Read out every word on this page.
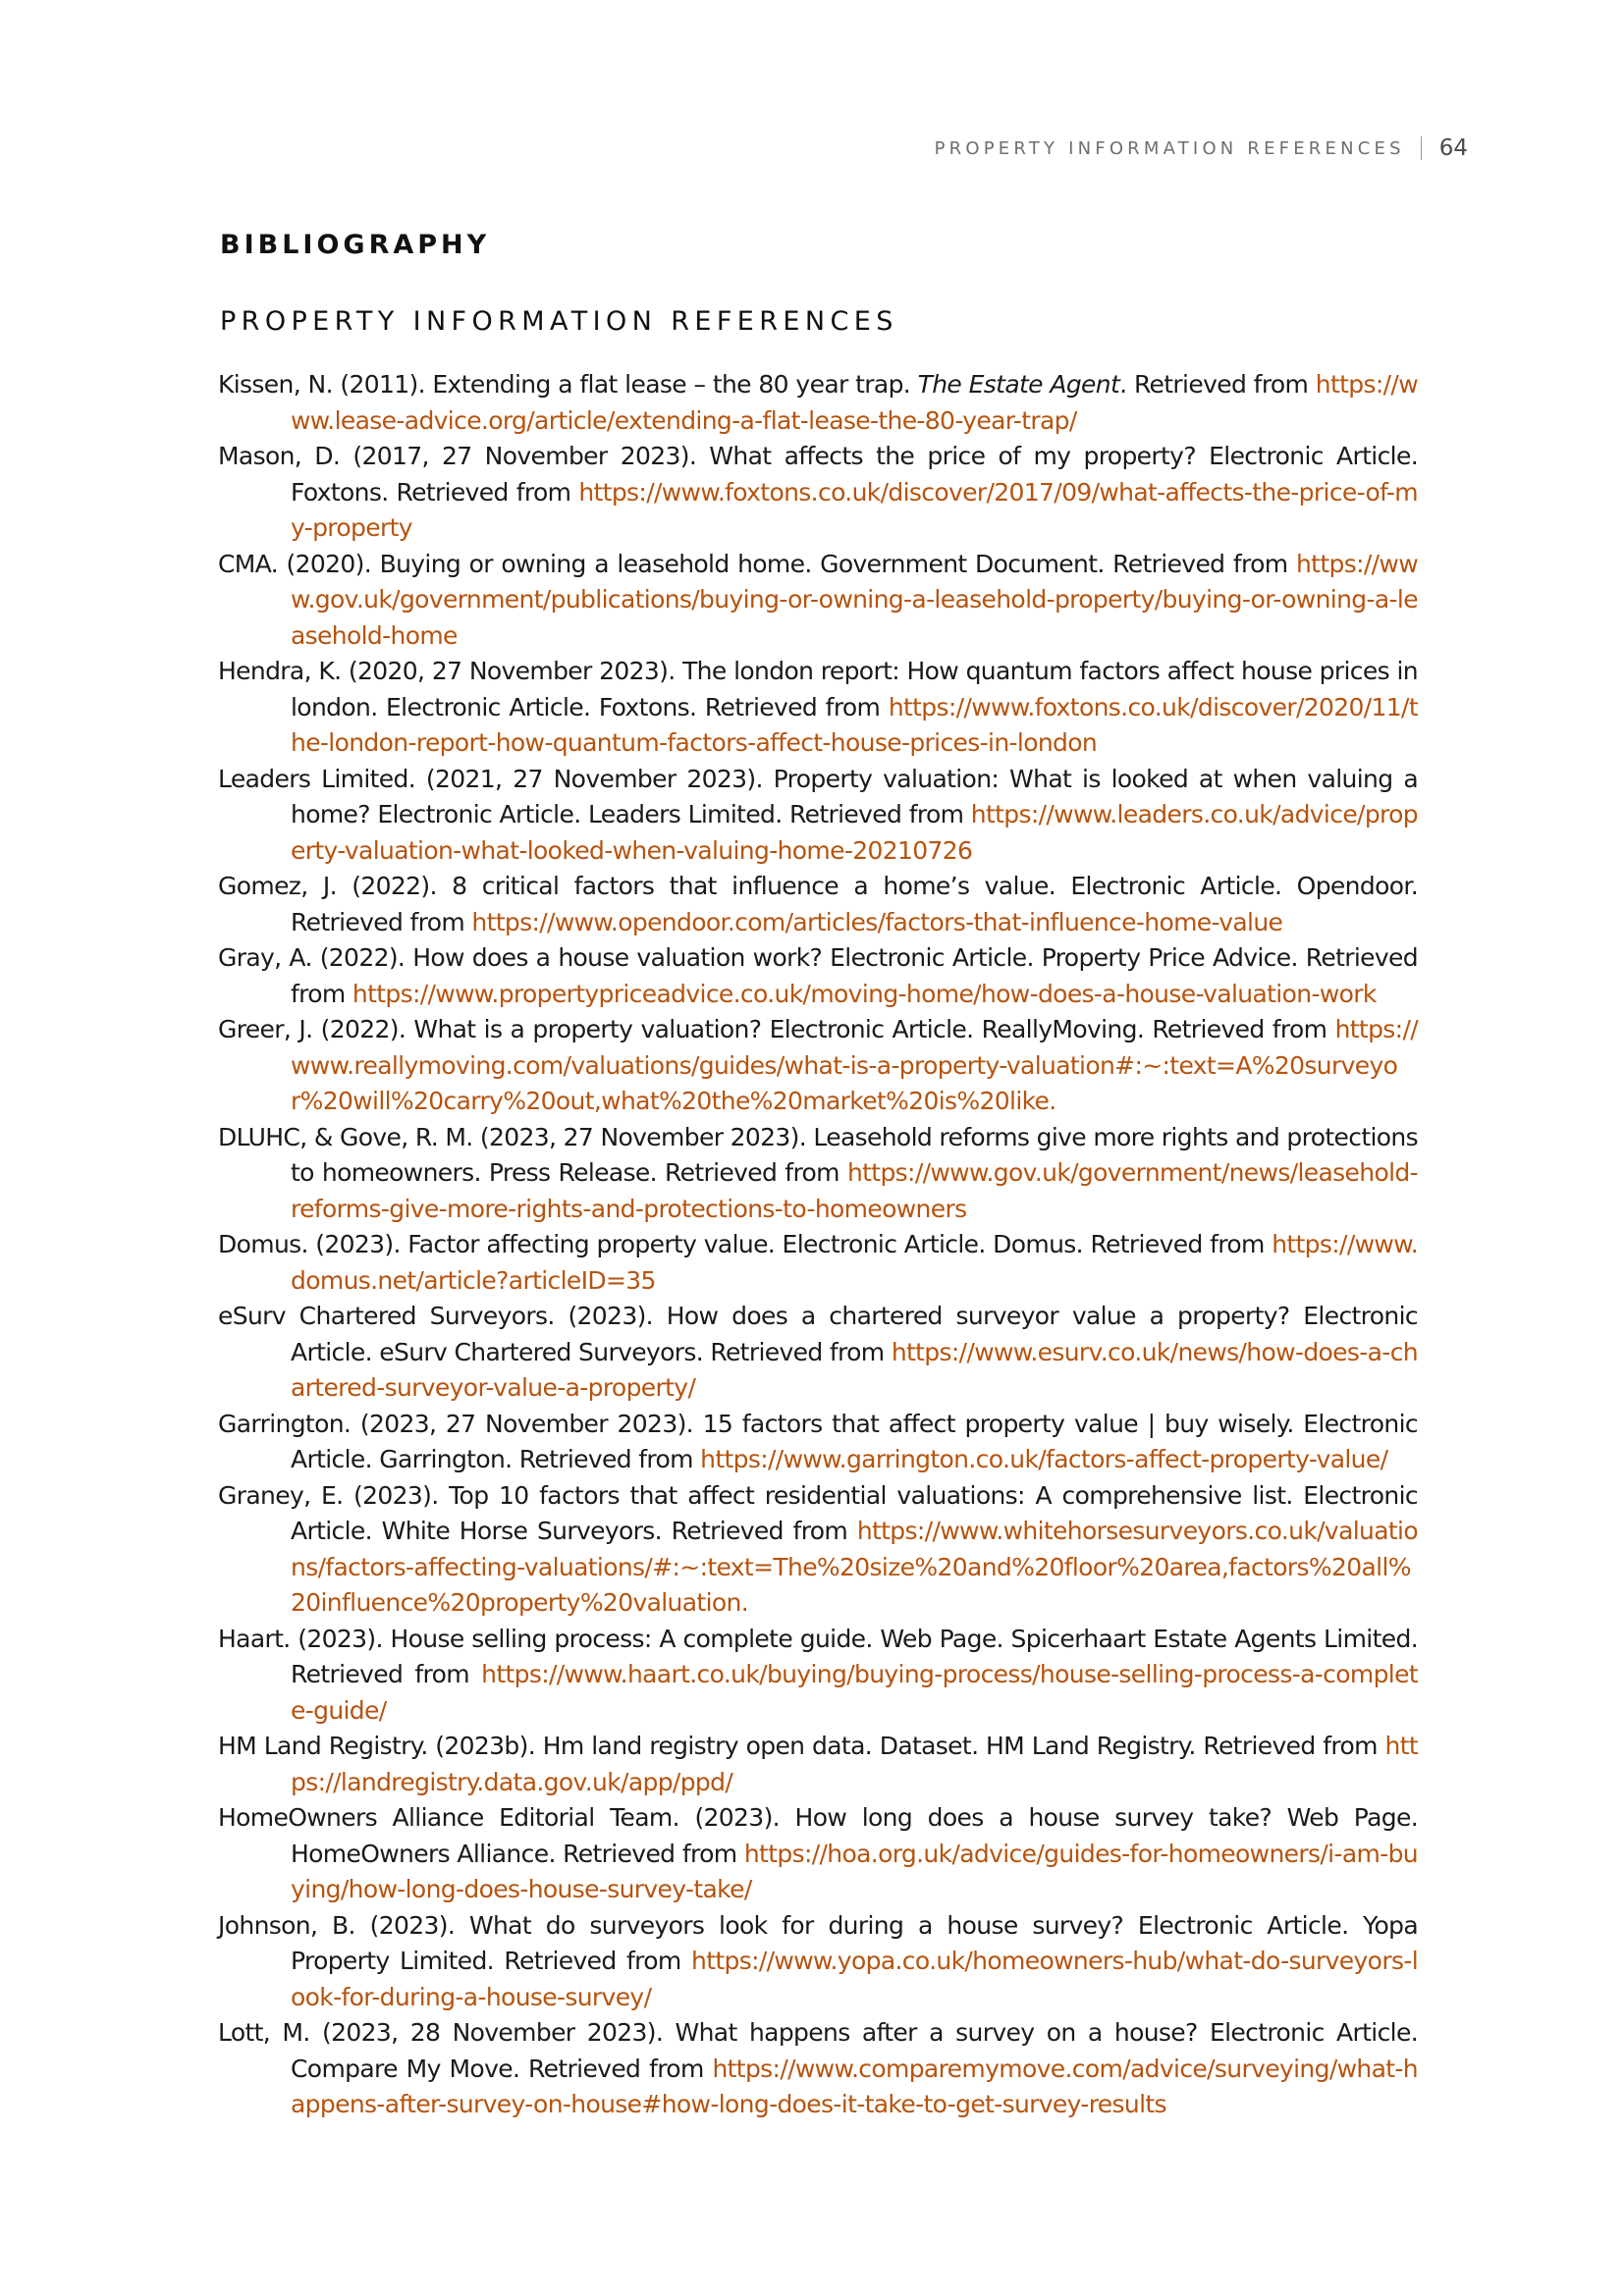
PROPERTY INFORMATION REFERENCES 64
BIBLIOGRAPHY
PROPERTY INFORMATION REFERENCES
Kissen, N. (2011). Extending a flat lease – the 80 year trap. The Estate Agent. Retrieved from https://www.lease-advice.org/article/extending-a-flat-lease-the-80-year-trap/
Mason, D. (2017, 27 November 2023). What affects the price of my property? Electronic Article. Foxtons. Retrieved from https://www.foxtons.co.uk/discover/2017/09/what-affects-the-price-of-my-property
CMA. (2020). Buying or owning a leasehold home. Government Document. Retrieved from https://www.gov.uk/government/publications/buying-or-owning-a-leasehold-property/buying-or-owning-a-leasehold-home
Hendra, K. (2020, 27 November 2023). The london report: How quantum factors affect house prices in london. Electronic Article. Foxtons. Retrieved from https://www.foxtons.co.uk/discover/2020/11/the-london-report-how-quantum-factors-affect-house-prices-in-london
Leaders Limited. (2021, 27 November 2023). Property valuation: What is looked at when valuing a home? Electronic Article. Leaders Limited. Retrieved from https://www.leaders.co.uk/advice/property-valuation-what-looked-when-valuing-home-20210726
Gomez, J. (2022). 8 critical factors that influence a home’s value. Electronic Article. Opendoor. Retrieved from https://www.opendoor.com/articles/factors-that-influence-home-value
Gray, A. (2022). How does a house valuation work? Electronic Article. Property Price Advice. Retrieved from https://www.propertypriceadvice.co.uk/moving-home/how-does-a-house-valuation-work
Greer, J. (2022). What is a property valuation? Electronic Article. ReallyMoving. Retrieved from https://www.reallymoving.com/valuations/guides/what-is-a-property-valuation#:~:text=A%20surveyor%20will%20carry%20out,what%20the%20market%20is%20like.
DLUHC, & Gove, R. M. (2023, 27 November 2023). Leasehold reforms give more rights and protections to homeowners. Press Release. Retrieved from https://www.gov.uk/government/news/leasehold-reforms-give-more-rights-and-protections-to-homeowners
Domus. (2023). Factor affecting property value. Electronic Article. Domus. Retrieved from https://www.domus.net/article?articleID=35
eSurv Chartered Surveyors. (2023). How does a chartered surveyor value a property? Electronic Article. eSurv Chartered Surveyors. Retrieved from https://www.esurv.co.uk/news/how-does-a-chartered-surveyor-value-a-property/
Garrington. (2023, 27 November 2023). 15 factors that affect property value | buy wisely. Electronic Article. Garrington. Retrieved from https://www.garrington.co.uk/factors-affect-property-value/
Graney, E. (2023). Top 10 factors that affect residential valuations: A comprehensive list. Electronic Article. White Horse Surveyors. Retrieved from https://www.whitehorsesurveyors.co.uk/valuations/factors-affecting-valuations/#:~:text=The%20size%20and%20floor%20area,factors%20all%20influence%20property%20valuation.
Haart. (2023). House selling process: A complete guide. Web Page. Spicerhaart Estate Agents Limited. Retrieved from https://www.haart.co.uk/buying/buying-process/house-selling-process-a-complete-guide/
HM Land Registry. (2023b). Hm land registry open data. Dataset. HM Land Registry. Retrieved from https://landregistry.data.gov.uk/app/ppd/
HomeOwners Alliance Editorial Team. (2023). How long does a house survey take? Web Page. HomeOwners Alliance. Retrieved from https://hoa.org.uk/advice/guides-for-homeowners/i-am-buying/how-long-does-house-survey-take/
Johnson, B. (2023). What do surveyors look for during a house survey? Electronic Article. Yopa Property Limited. Retrieved from https://www.yopa.co.uk/homeowners-hub/what-do-surveyors-look-for-during-a-house-survey/
Lott, M. (2023, 28 November 2023). What happens after a survey on a house? Electronic Article. Compare My Move. Retrieved from https://www.comparemymove.com/advice/surveying/what-happens-after-survey-on-house#how-long-does-it-take-to-get-survey-results
